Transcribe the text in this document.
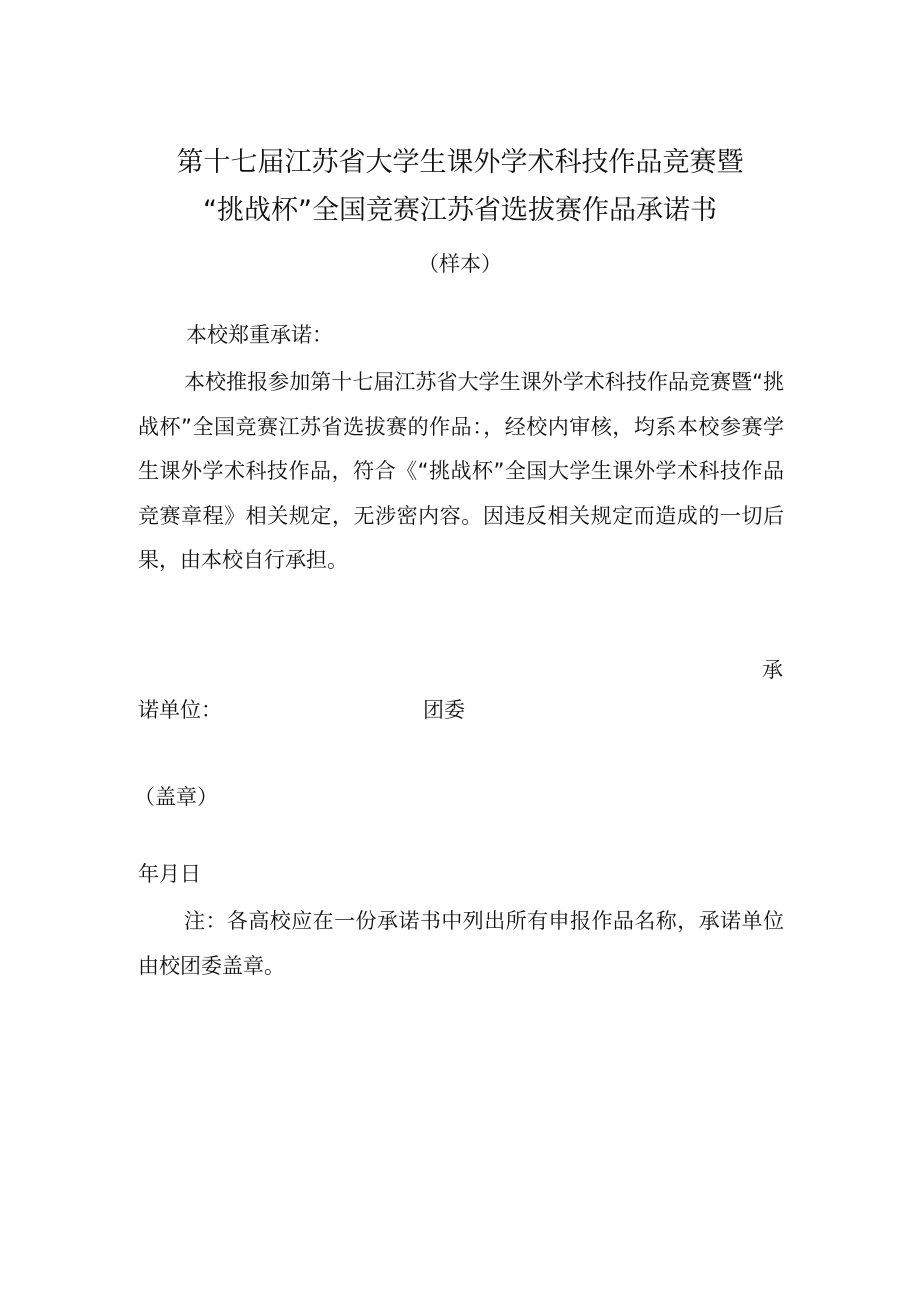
第十七届江苏省大学生课外学术科技作品竞赛暨
“挑战杯”全国竞赛江苏省选拔赛作品承诺书
（样本）
本校郑重承诺：
本校推报参加第十七届江苏省大学生课外学术科技作品竞赛暨“挑战杯”全国竞赛江苏省选拔赛的作品：，经校内审核，均系本校参赛学生课外学术科技作品，符合《“挑战杯”全国大学生课外学术科技作品竞赛章程》相关规定，无涉密内容。因违反相关规定而造成的一切后果，由本校自行承担。
承
诺单位：	团委
（盖章）
年月日
注：各高校应在一份承诺书中列出所有申报作品名称，承诺单位由校团委盖章。
